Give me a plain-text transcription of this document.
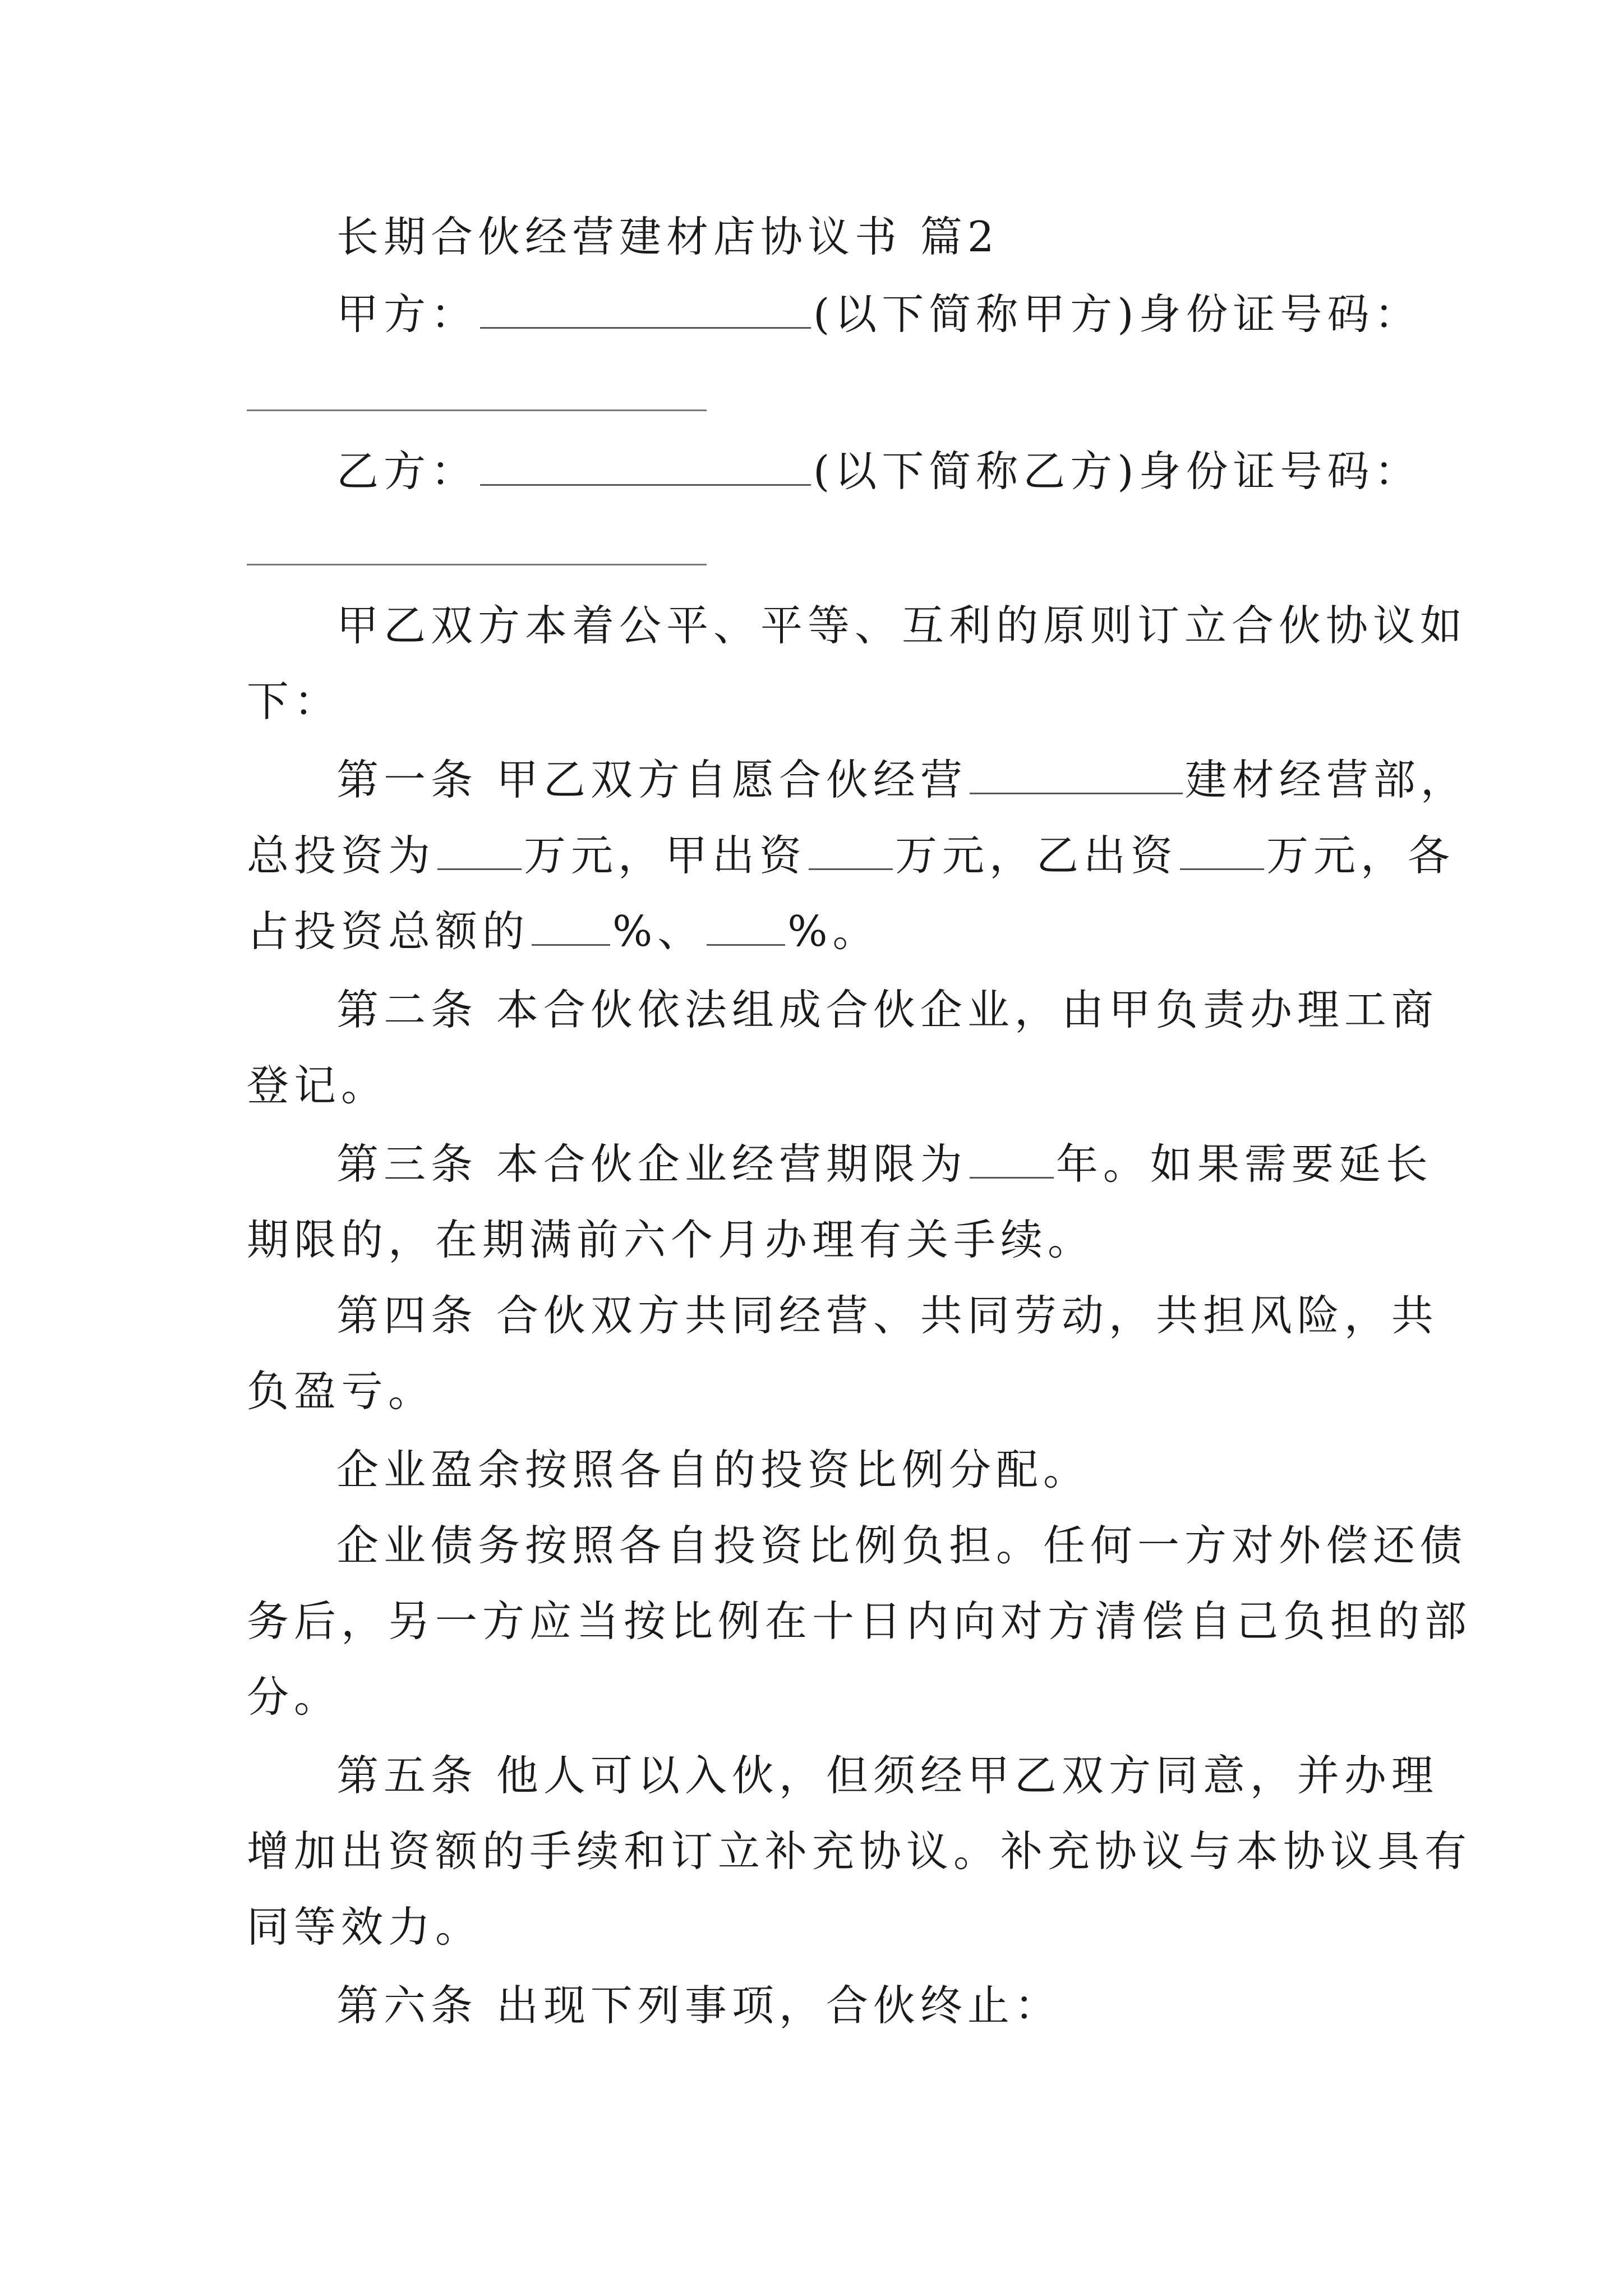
长期合伙经营建材店协议书 篇2
甲方：	(以下简称甲方)身份证号码：
乙方：	(以下简称乙方)身份证号码：
甲乙双方本着公平、平等、互利的原则订立合伙协议如
下：
第一条 甲乙双方自愿合伙经营	建材经营部，
总投资为 万元，甲出资 万元，乙出资 万元，各
占投资总额的 %、 %。
第二条 本合伙依法组成合伙企业，由甲负责办理工商
登记。
第三条 本合伙企业经营期限为 年。如果需要延长
期限的，在期满前六个月办理有关手续。
第四条 合伙双方共同经营、共同劳动，共担风险，共
负盈亏。
企业盈余按照各自的投资比例分配。
企业债务按照各自投资比例负担。任何一方对外偿还债
务后，另一方应当按比例在十日内向对方清偿自己负担的部
分。
第五条 他人可以入伙，但须经甲乙双方同意，并办理
增加出资额的手续和订立补充协议。补充协议与本协议具有
同等效力。
第六条 出现下列事项，合伙终止：
